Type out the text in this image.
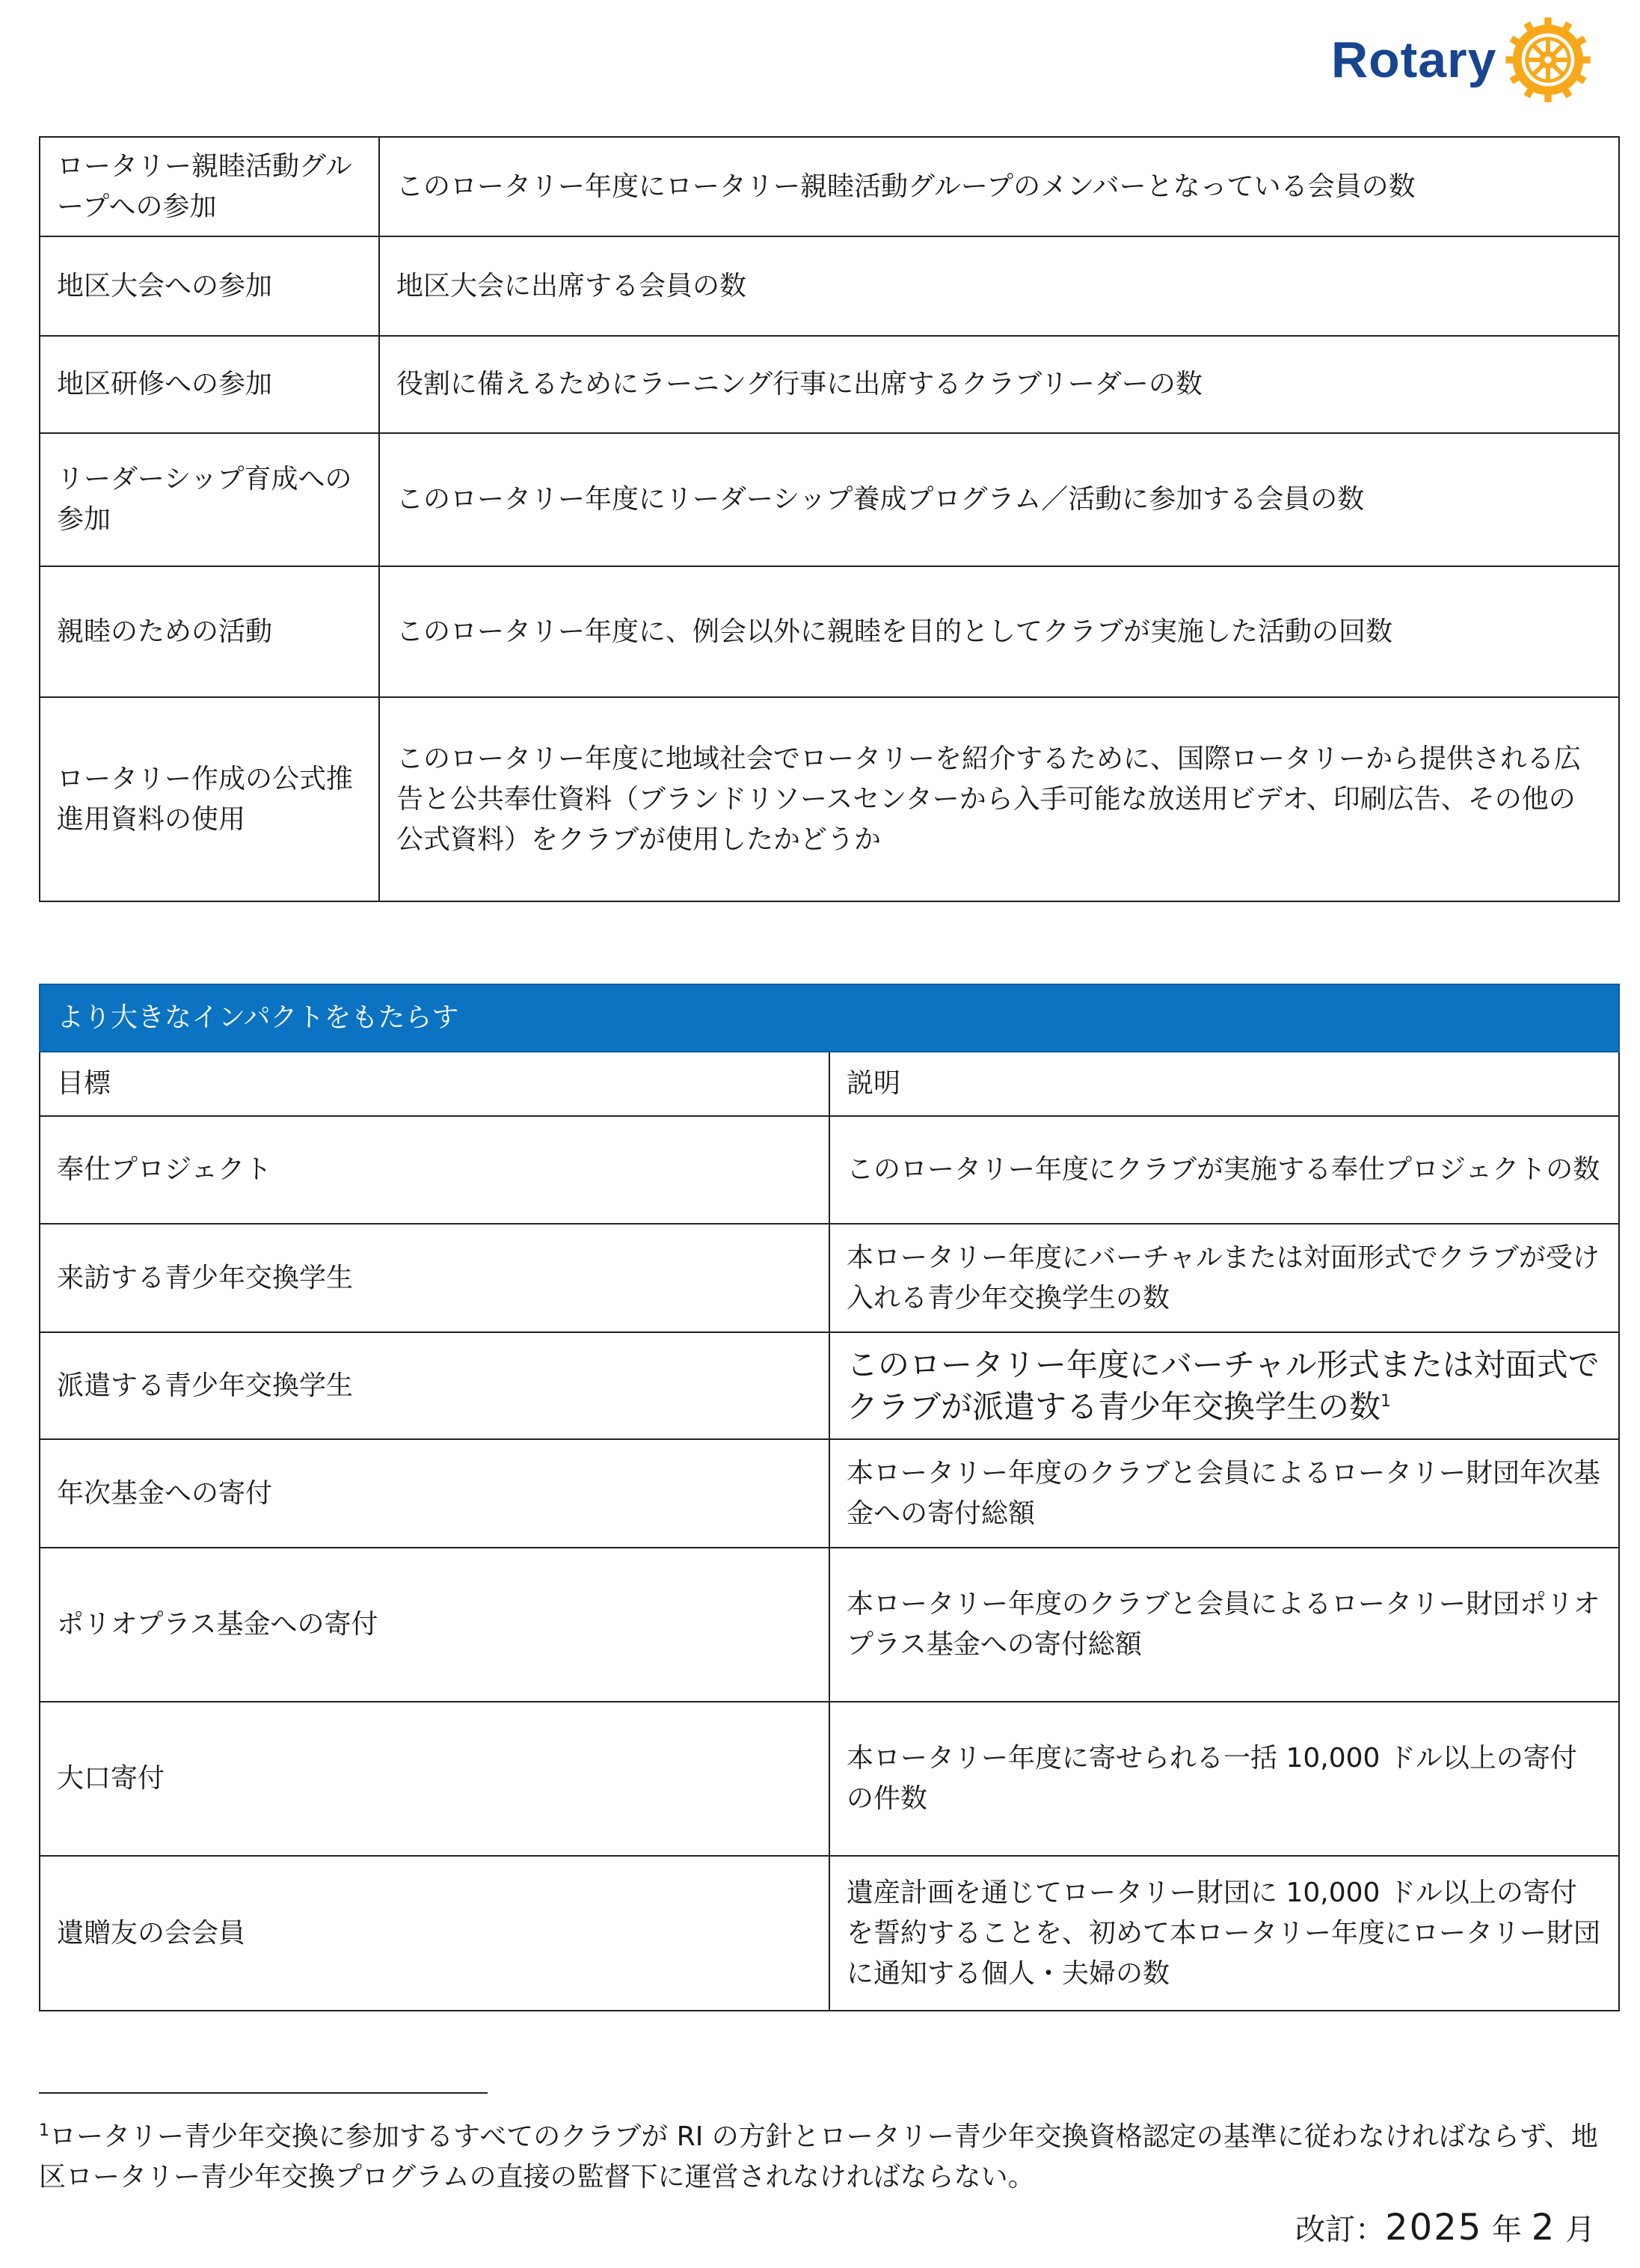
Rotary
ロータリー親睦活動グループへの参加	このロータリー年度にロータリー親睦活動グループのメンバーとなっている会員の数
地区大会への参加	地区大会に出席する会員の数
地区研修への参加	役割に備えるためにラーニング行事に出席するクラブリーダーの数
リーダーシップ育成への参加	このロータリー年度にリーダーシップ養成プログラム／活動に参加する会員の数
親睦のための活動	このロータリー年度に、例会以外に親睦を目的としてクラブが実施した活動の回数
ロータリー作成の公式推進用資料の使用	このロータリー年度に地域社会でロータリーを紹介するために、国際ロータリーから提供される広告と公共奉仕資料（ブランドリソースセンターから入手可能な放送用ビデオ、印刷広告、その他の公式資料）をクラブが使用したかどうか
より大きなインパクトをもたらす	
目標	説明
奉仕プロジェクト	このロータリー年度にクラブが実施する奉仕プロジェクトの数
来訪する青少年交換学生	本ロータリー年度にバーチャルまたは対面形式でクラブが受け入れる青少年交換学生の数
派遣する青少年交換学生	このロータリー年度にバーチャル形式または対面式でクラブが派遣する青少年交換学生の数$^1$
年次基金への寄付	本ロータリー年度のクラブと会員によるロータリー財団年次基金への寄付総額
ポリオプラス基金への寄付	本ロータリー年度のクラブと会員によるロータリー財団ポリオプラス基金への寄付総額
大口寄付	本ロータリー年度に寄せられる一括 10,000 ドル以上の寄付の件数
遺贈友の会会員	遺産計画を通じてロータリー財団に 10,000 ドル以上の寄付を誓約することを、初めて本ロータリー年度にロータリー財団に通知する個人・夫婦の数
$^1$ロータリー青少年交換に参加するすべてのクラブが RI の方針とロータリー青少年交換資格認定の基準に従わなければならず、地区ロータリー青少年交換プログラムの直接の監督下に運営されなければならない。
改訂：2025 年 2 月
